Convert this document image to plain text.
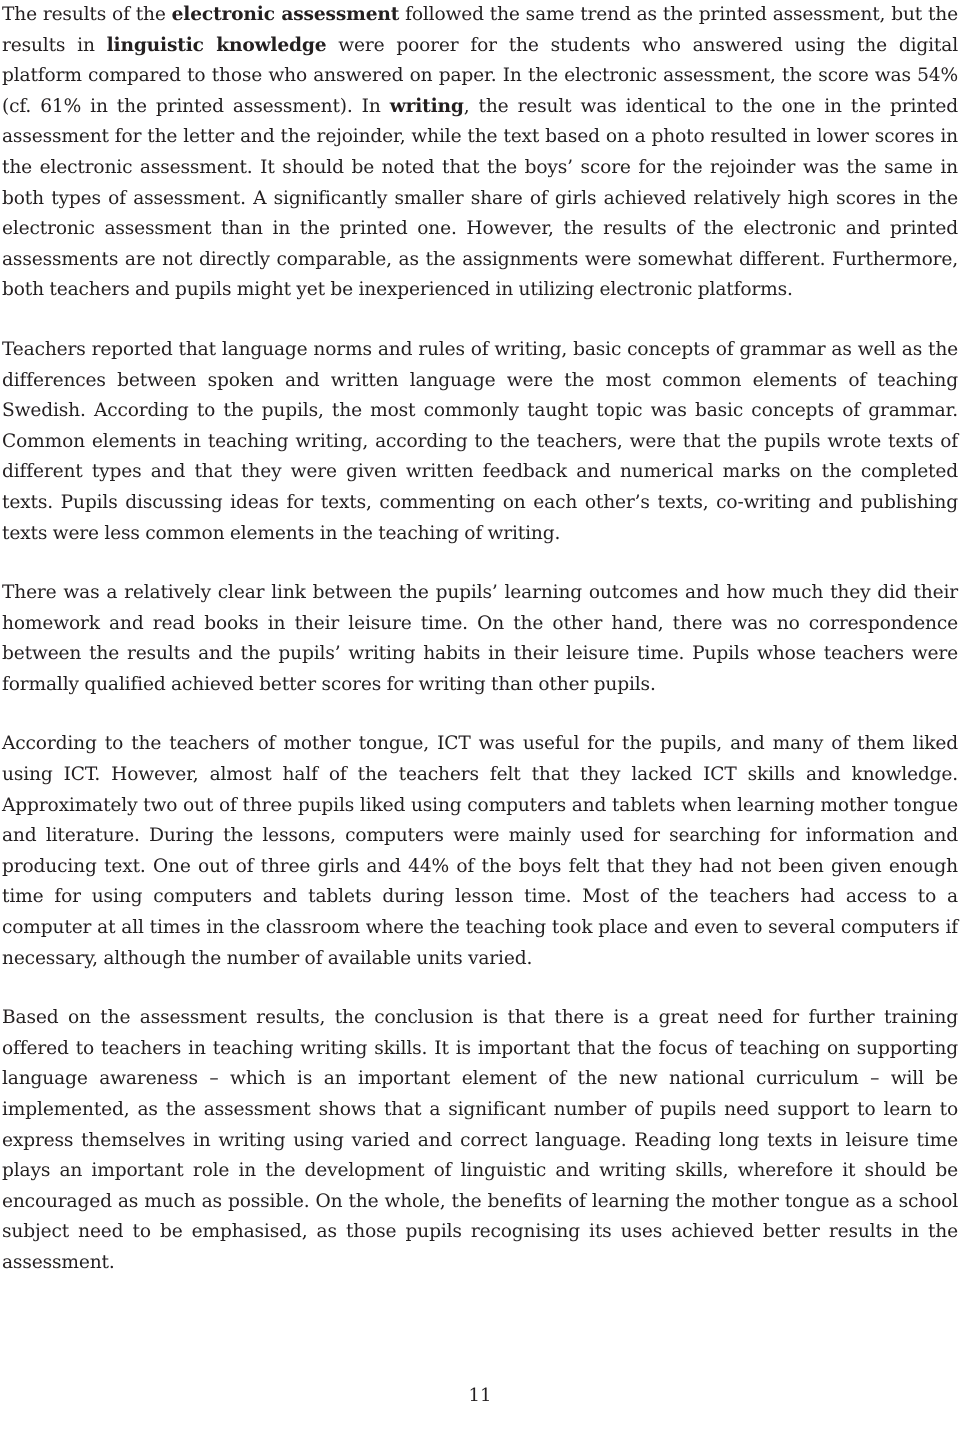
The results of the electronic assessment followed the same trend as the printed assessment, but the results in linguistic knowledge were poorer for the students who answered using the digital platform compared to those who answered on paper. In the electronic assessment, the score was 54% (cf. 61% in the printed assessment). In writing, the result was identical to the one in the printed assessment for the letter and the rejoinder, while the text based on a photo resulted in lower scores in the electronic assessment. It should be noted that the boys’ score for the rejoinder was the same in both types of assessment. A significantly smaller share of girls achieved relatively high scores in the electronic assessment than in the printed one. However, the results of the electronic and printed assessments are not directly comparable, as the assignments were somewhat different. Furthermore, both teachers and pupils might yet be inexperienced in utilizing electronic platforms.

Teachers reported that language norms and rules of writing, basic concepts of grammar as well as the differences between spoken and written language were the most common elements of teaching Swedish. According to the pupils, the most commonly taught topic was basic concepts of grammar. Common elements in teaching writing, according to the teachers, were that the pupils wrote texts of different types and that they were given written feedback and numerical marks on the completed texts. Pupils discussing ideas for texts, commenting on each other’s texts, co-writing and publishing texts were less common elements in the teaching of writing.

There was a relatively clear link between the pupils’ learning outcomes and how much they did their homework and read books in their leisure time. On the other hand, there was no correspondence between the results and the pupils’ writing habits in their leisure time. Pupils whose teachers were formally qualified achieved better scores for writing than other pupils.

According to the teachers of mother tongue, ICT was useful for the pupils, and many of them liked using ICT. However, almost half of the teachers felt that they lacked ICT skills and knowledge. Approximately two out of three pupils liked using computers and tablets when learning mother tongue and literature. During the lessons, computers were mainly used for searching for information and producing text. One out of three girls and 44% of the boys felt that they had not been given enough time for using computers and tablets during lesson time. Most of the teachers had access to a computer at all times in the classroom where the teaching took place and even to several computers if necessary, although the number of available units varied.

Based on the assessment results, the conclusion is that there is a great need for further training offered to teachers in teaching writing skills. It is important that the focus of teaching on supporting language awareness – which is an important element of the new national curriculum – will be implemented, as the assessment shows that a significant number of pupils need support to learn to express themselves in writing using varied and correct language. Reading long texts in leisure time plays an important role in the development of linguistic and writing skills, wherefore it should be encouraged as much as possible. On the whole, the benefits of learning the mother tongue as a school subject need to be emphasised, as those pupils recognising its uses achieved better results in the assessment.

11
